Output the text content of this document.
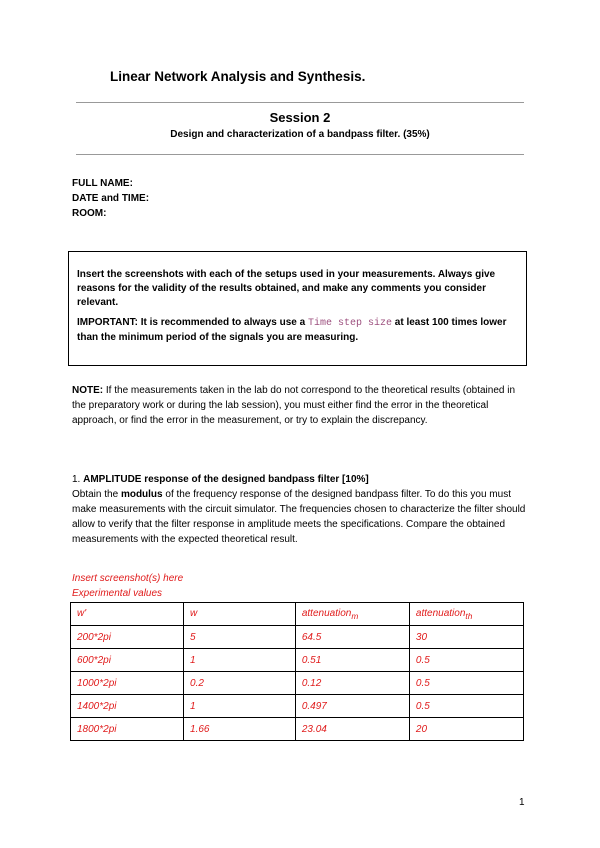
Linear Network Analysis and Synthesis.
Session 2
Design and characterization of a bandpass filter. (35%)
FULL NAME:
DATE and TIME:
ROOM:

Insert the screenshots with each of the setups used in your measurements. Always give reasons for the validity of the results obtained, and make any comments you consider relevant.

IMPORTANT: It is recommended to always use a Time step size at least 100 times lower than the minimum period of the signals you are measuring.

NOTE: If the measurements taken in the lab do not correspond to the theoretical results (obtained in the preparatory work or during the lab session), you must either find the error in the theoretical approach, or find the error in the measurement, or try to explain the discrepancy.
1. AMPLITUDE response of the designed bandpass filter [10%]
Obtain the modulus of the frequency response of the designed bandpass filter. To do this you must make measurements with the circuit simulator. The frequencies chosen to characterize the filter should allow to verify that the filter response in amplitude meets the specifications. Compare the obtained measurements with the expected theoretical result.
Insert screenshot(s) here
Experimental values
w'	w	attenuation$_m$	attenuation$_{th}$
200*2pi	5	64.5	30
600*2pi	1	0.51	0.5
1000*2pi	0.2	0.12	0.5
1400*2pi	1	0.497	0.5
1800*2pi	1.66	23.04	20
1
